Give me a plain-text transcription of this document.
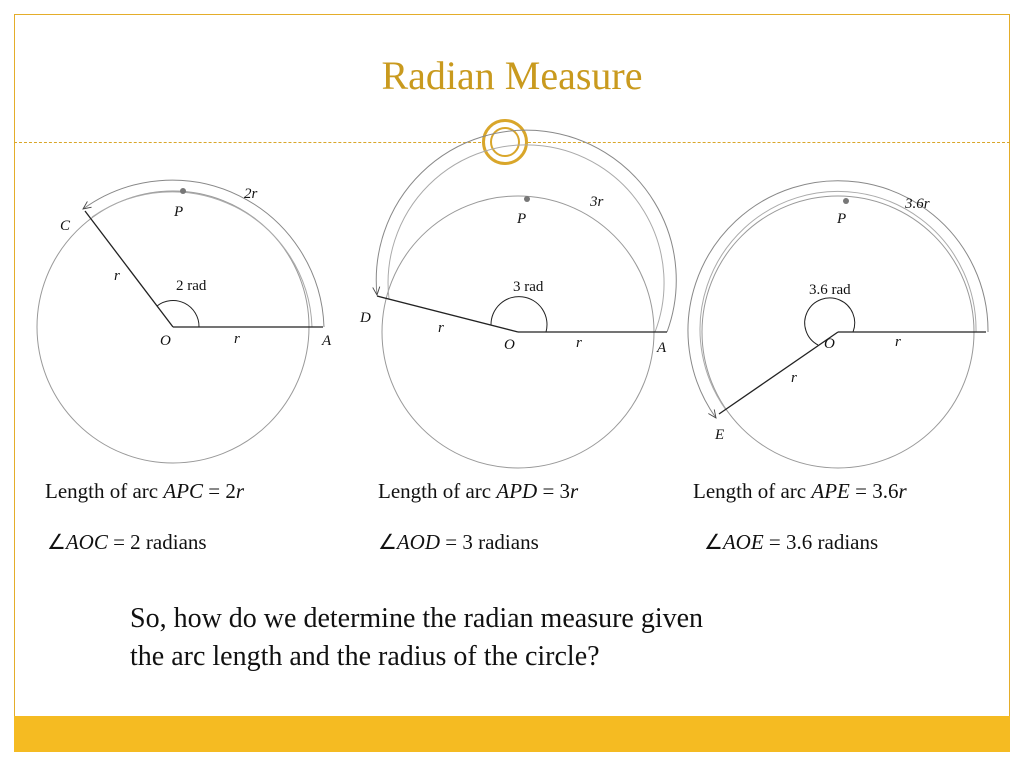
Radian Measure
2r
P
C
r
2 rad
O	r	A
3r
P
D
3 rad
r
O	r	A
3.6r
P
3.6 rad
O	r
r
E
Length of arc APC = 2r	Length of arc APD = 3r	Length of arc APE = 3.6r
∠AOC = 2 radians	∠AOD = 3 radians	∠AOE = 3.6 radians
So, how do we determine the radian measure given
the arc length and the radius of the circle?
